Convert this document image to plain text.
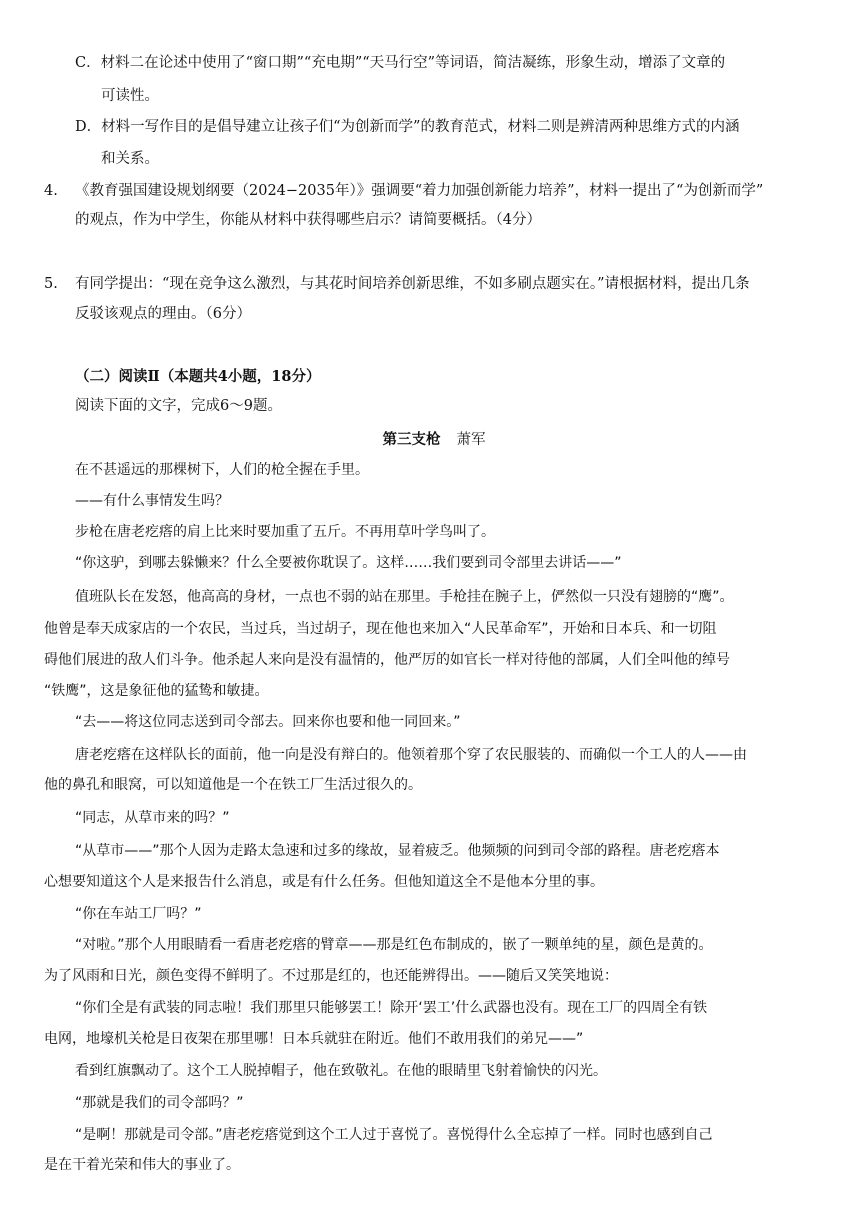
C．材料二在论述中使用了“窗口期”“充电期”“天马行空”等词语，简洁凝练，形象生动，增添了文章的
可读性。
D．材料一写作目的是倡导建立让孩子们“为创新而学”的教育范式，材料二则是辨清两种思维方式的内涵
和关系。
4. 《教育强国建设规划纲要（2024−2035年）》强调要“着力加强创新能力培养”，材料一提出了“为创新而学”
的观点，作为中学生，你能从材料中获得哪些启示？请简要概括。（4分）
5. 有同学提出：“现在竞争这么激烈，与其花时间培养创新思维，不如多刷点题实在。”请根据材料，提出几条
反驳该观点的理由。（6分）
（二）阅读Ⅱ（本题共4小题，18分）
阅读下面的文字，完成6～9题。
第三支枪 萧军
在不甚遥远的那棵树下，人们的枪全握在手里。
——有什么事情发生吗？
步枪在唐老疙瘩的肩上比来时要加重了五斤。不再用草叶学鸟叫了。
“你这驴，到哪去躲懒来？什么全要被你耽误了。这样……我们要到司令部里去讲话——”
值班队长在发怒，他高高的身材，一点也不弱的站在那里。手枪挂在腕子上，俨然似一只没有翅膀的“鹰”。
他曾是奉天成家店的一个农民，当过兵，当过胡子，现在他也来加入“人民革命军”，开始和日本兵、和一切阻
碍他们展进的敌人们斗争。他杀起人来向是没有温情的，他严厉的如官长一样对待他的部属，人们全叫他的绰号
“铁鹰”，这是象征他的猛鸷和敏捷。
“去——将这位同志送到司令部去。回来你也要和他一同回来。”
唐老疙瘩在这样队长的面前，他一向是没有辩白的。他领着那个穿了农民服装的、而确似一个工人的人——由
他的鼻孔和眼窝，可以知道他是一个在铁工厂生活过很久的。
“同志，从草市来的吗？”
“从草市——”那个人因为走路太急速和过多的缘故，显着疲乏。他频频的问到司令部的路程。唐老疙瘩本
心想要知道这个人是来报告什么消息，或是有什么任务。但他知道这全不是他本分里的事。
“你在车站工厂吗？”
“对啦。”那个人用眼睛看一看唐老疙瘩的臂章——那是红色布制成的，嵌了一颗单纯的星，颜色是黄的。
为了风雨和日光，颜色变得不鲜明了。不过那是红的，也还能辨得出。——随后又笑笑地说：
“你们全是有武装的同志啦！我们那里只能够罢工！除开‘罢工’什么武器也没有。现在工厂的四周全有铁
电网，地壕机关枪是日夜架在那里哪！日本兵就驻在附近。他们不敢用我们的弟兄——”
看到红旗飘动了。这个工人脱掉帽子，他在致敬礼。在他的眼睛里飞射着愉快的闪光。
“那就是我们的司令部吗？”
“是啊！那就是司令部。”唐老疙瘩觉到这个工人过于喜悦了。喜悦得什么全忘掉了一样。同时也感到自己
是在干着光荣和伟大的事业了。
